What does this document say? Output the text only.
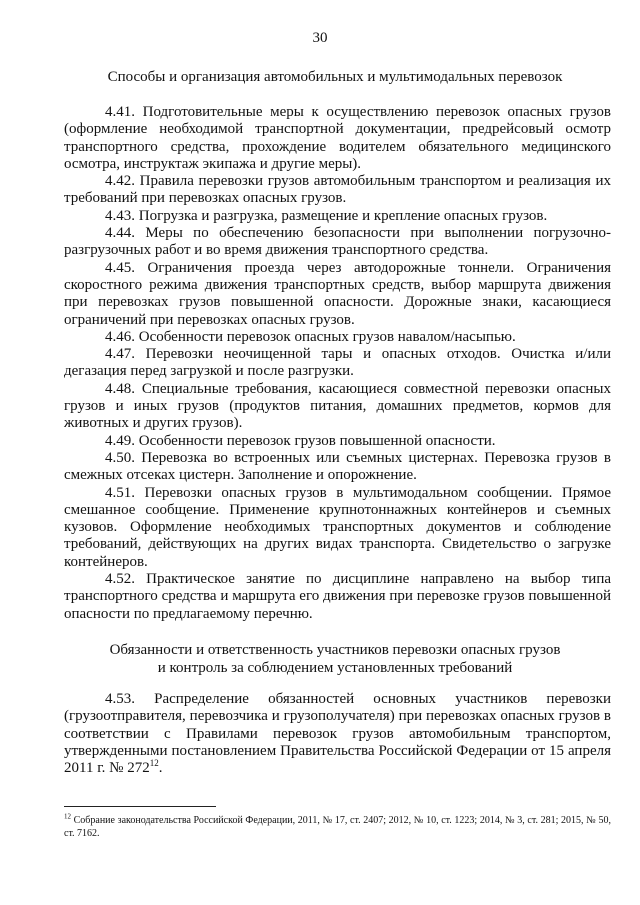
30
Способы и организация автомобильных и мультимодальных перевозок

4.41. Подготовительные меры к осуществлению перевозок опасных грузов (оформление необходимой транспортной документации, предрейсовый осмотр транспортного средства, прохождение водителем обязательного медицинского осмотра, инструктаж экипажа и другие меры).

4.42. Правила перевозки грузов автомобильным транспортом и реализация их требований при перевозках опасных грузов.

4.43. Погрузка и разгрузка, размещение и крепление опасных грузов.

4.44. Меры по обеспечению безопасности при выполнении погрузочно-разгрузочных работ и во время движения транспортного средства.

4.45. Ограничения проезда через автодорожные тоннели. Ограничения скоростного режима движения транспортных средств, выбор маршрута движения при перевозках грузов повышенной опасности. Дорожные знаки, касающиеся ограничений при перевозках опасных грузов.

4.46. Особенности перевозок опасных грузов навалом/насыпью.

4.47. Перевозки неочищенной тары и опасных отходов. Очистка и/или дегазация перед загрузкой и после разгрузки.

4.48. Специальные требования, касающиеся совместной перевозки опасных грузов и иных грузов (продуктов питания, домашних предметов, кормов для животных и других грузов).

4.49. Особенности перевозок грузов повышенной опасности.

4.50. Перевозка во встроенных или съемных цистернах. Перевозка грузов в смежных отсеках цистерн. Заполнение и опорожнение.

4.51. Перевозки опасных грузов в мультимодальном сообщении. Прямое смешанное сообщение. Применение крупнотоннажных контейнеров и съемных кузовов. Оформление необходимых транспортных документов и соблюдение требований, действующих на других видах транспорта. Свидетельство о загрузке контейнеров.

4.52. Практическое занятие по дисциплине направлено на выбор типа транспортного средства и маршрута его движения при перевозке грузов повышенной опасности по предлагаемому перечню.

Обязанности и ответственность участников перевозки опасных грузов
и контроль за соблюдением установленных требований

4.53. Распределение обязанностей основных участников перевозки (грузоотправителя, перевозчика и грузополучателя) при перевозках опасных грузов в соответствии с Правилами перевозок грузов автомобильным транспортом, утвержденными постановлением Правительства Российской Федерации от 15 апреля 2011 г. № $272^{12}$.

$^{12}$ Собрание законодательства Российской Федерации, 2011, № 17, ст. 2407; 2012, № 10, ст. 1223; 2014, № 3, ст. 281; 2015, № 50, ст. 7162.
